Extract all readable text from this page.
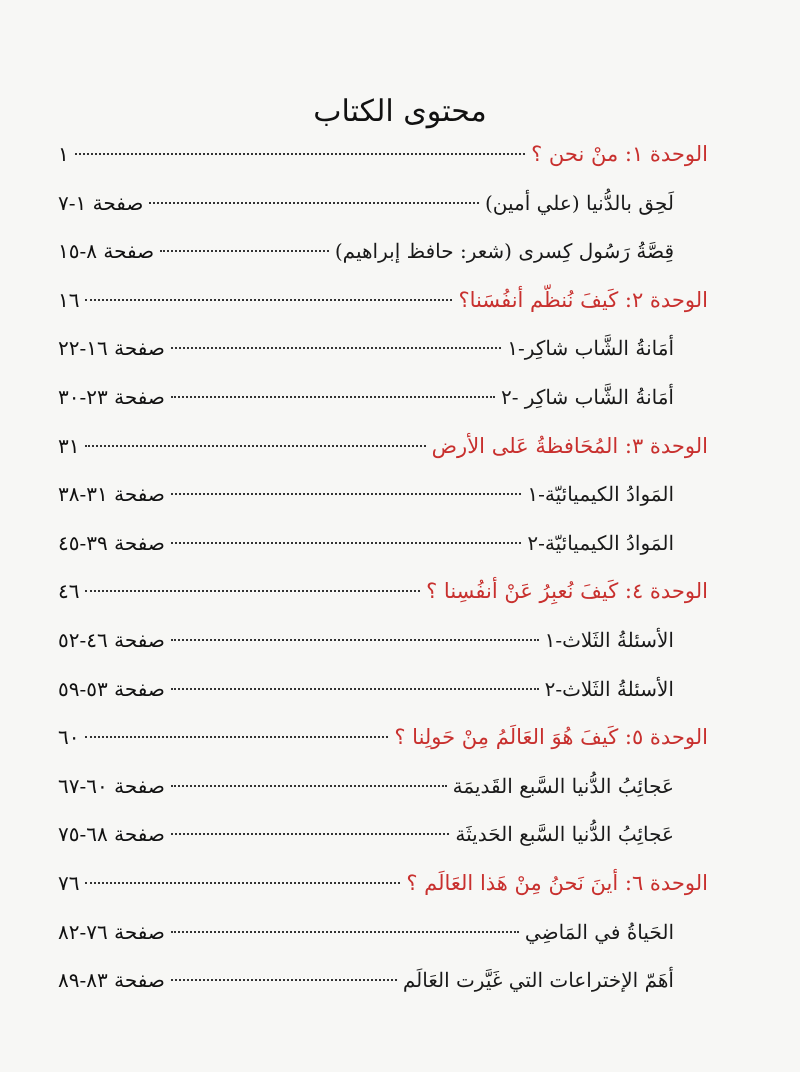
محتوى الكتاب
الوحدة ١: منْ نحن ؟
١
لَحِق بالدُّنيا (علي أمين)
صفحة ١-٧
قِصَّةُ رَسُول كِسرى (شعر: حافظ إبراهيم)
صفحة ٨-١٥
الوحدة ٢: كَيفَ نُنظّم أنفُسَنا؟
١٦
أمَانةُ الشَّاب شاكِر-١
صفحة ١٦-٢٢
أمَانةُ الشَّاب شاكِر -٢
صفحة ٢٣-٣٠
الوحدة ٣: المُحَافظةُ عَلى الأرض
٣١
المَوادُ الكيميائيّة-١
صفحة ٣١-٣٨
المَوادُ الكيميائيّة-٢
صفحة ٣٩-٤٥
الوحدة ٤: كَيفَ نُعبِرُ عَنْ أنفُسِنا ؟
٤٦
الأسئلةُ الثَلاث-١
صفحة ٤٦-٥٢
الأسئلةُ الثَلاث-٢
صفحة ٥٣-٥٩
الوحدة ٥: كَيفَ هُوَ العَالَمُ مِنْ حَولِنا ؟
٦٠
عَجائِبُ الدُّنيا السَّبع القَديمَة
صفحة ٦٠-٦٧
عَجائِبُ الدُّنيا السَّبع الحَديثَة
صفحة ٦٨-٧٥
الوحدة ٦: أينَ نَحنُ مِنْ هَذا العَالَم ؟
٧٦
الحَياةُ في المَاضِي
صفحة ٧٦-٨٢
أهَمّ الإختراعات التي غَيَّرت العَالَم
صفحة ٨٣-٨٩
